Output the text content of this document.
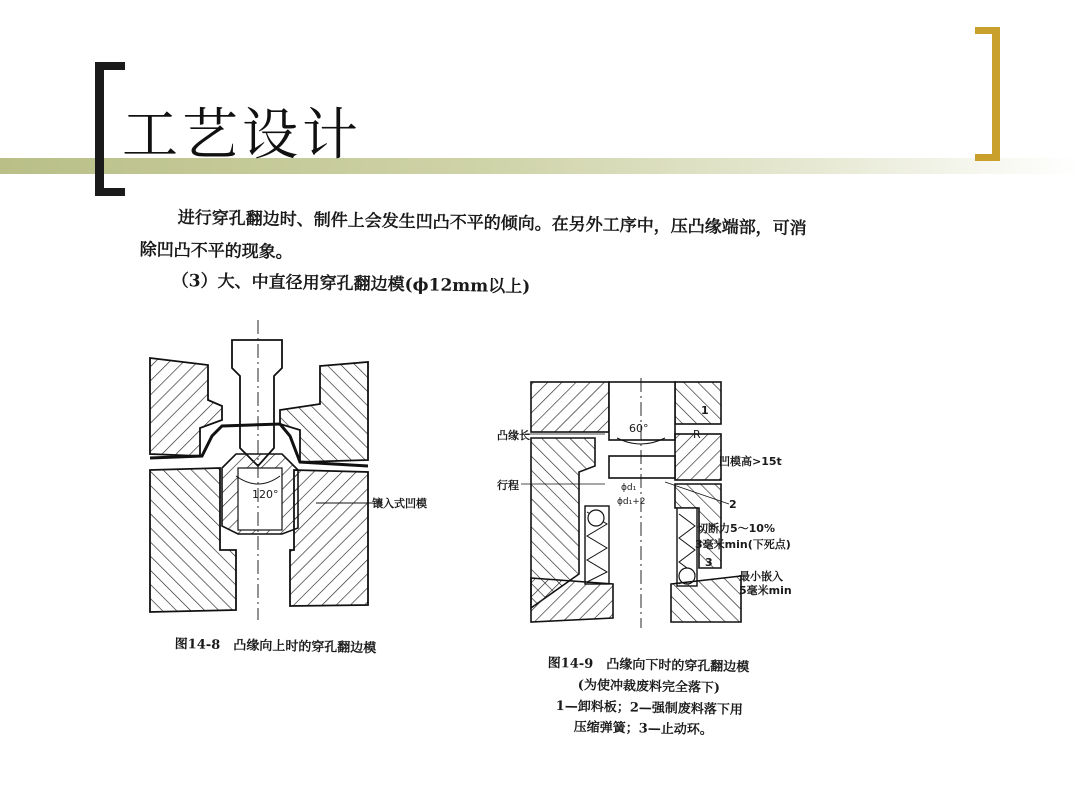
工艺设计
进行穿孔翻边时、制件上会发生凹凸不平的倾向。在另外工序中，压凸缘端部，可消
除凹凸不平的现象。
（3）大、中直径用穿孔翻边模(ϕ12mm以上)
120°
镶入式凹模
图14-8　凸缘向上时的穿孔翻边模
60°	R
ϕd₁
ϕd₁+2
凸缘长
行程
1
凹模高>15t
2
切断力5～10%
3毫米min(下死点)
3
最小嵌入
5毫米min
图14-9　凸缘向下时的穿孔翻边模
(为使冲裁废料完全落下)
1—卸料板；2—强制废料落下用
压缩弹簧；3—止动环。
